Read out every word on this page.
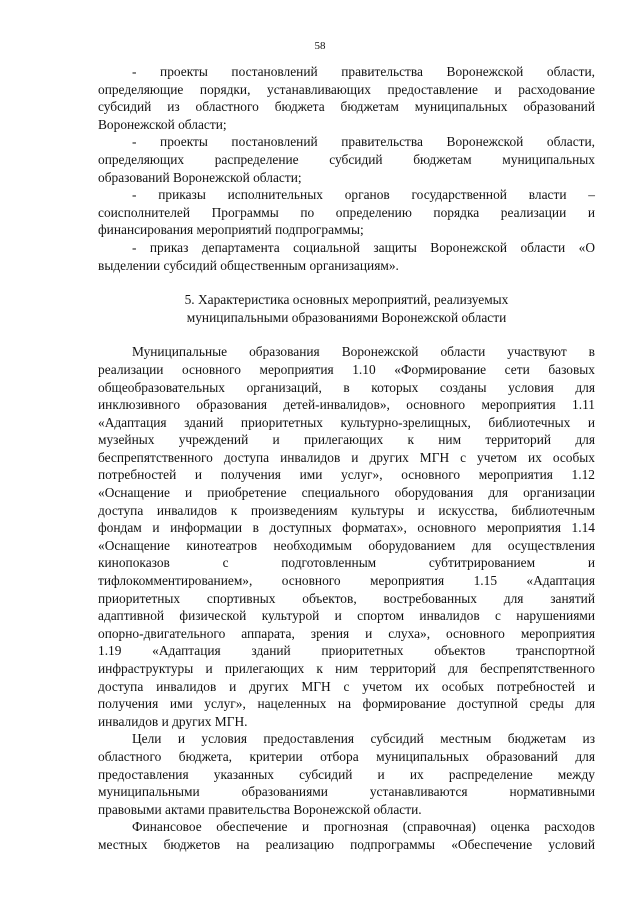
58
- проекты постановлений правительства Воронежской области,
определяющие порядки, устанавливающих предоставление и расходование
субсидий из областного бюджета бюджетам муниципальных образований
Воронежской области;
- проекты постановлений правительства Воронежской области,
определяющих распределение субсидий бюджетам муниципальных
образований Воронежской области;
- приказы исполнительных органов государственной власти –
соисполнителей Программы по определению порядка реализации и
финансирования мероприятий подпрограммы;
- приказ департамента социальной защиты Воронежской области «О
выделении субсидий общественным организациям».
5. Характеристика основных мероприятий, реализуемых
муниципальными образованиями Воронежской области
Муниципальные образования Воронежской области участвуют в
реализации основного мероприятия 1.10 «Формирование сети базовых
общеобразовательных организаций, в которых созданы условия для
инклюзивного образования детей-инвалидов», основного мероприятия 1.11
«Адаптация зданий приоритетных культурно-зрелищных, библиотечных и
музейных учреждений и прилегающих к ним территорий для
беспрепятственного доступа инвалидов и других МГН с учетом их особых
потребностей и получения ими услуг», основного мероприятия 1.12
«Оснащение и приобретение специального оборудования для организации
доступа инвалидов к произведениям культуры и искусства, библиотечным
фондам и информации в доступных форматах», основного мероприятия 1.14
«Оснащение кинотеатров необходимым оборудованием для осуществления
кинопоказов с подготовленным субтитрированием и
тифлокомментированием», основного мероприятия 1.15 «Адаптация
приоритетных спортивных объектов, востребованных для занятий
адаптивной физической культурой и спортом инвалидов с нарушениями
опорно-двигательного аппарата, зрения и слуха», основного мероприятия
1.19 «Адаптация зданий приоритетных объектов транспортной
инфраструктуры и прилегающих к ним территорий для беспрепятственного
доступа инвалидов и других МГН с учетом их особых потребностей и
получения ими услуг», нацеленных на формирование доступной среды для
инвалидов и других МГН.
Цели и условия предоставления субсидий местным бюджетам из
областного бюджета, критерии отбора муниципальных образований для
предоставления указанных субсидий и их распределение между
муниципальными образованиями устанавливаются нормативными
правовыми актами правительства Воронежской области.
Финансовое обеспечение и прогнозная (справочная) оценка расходов
местных бюджетов на реализацию подпрограммы «Обеспечение условий
